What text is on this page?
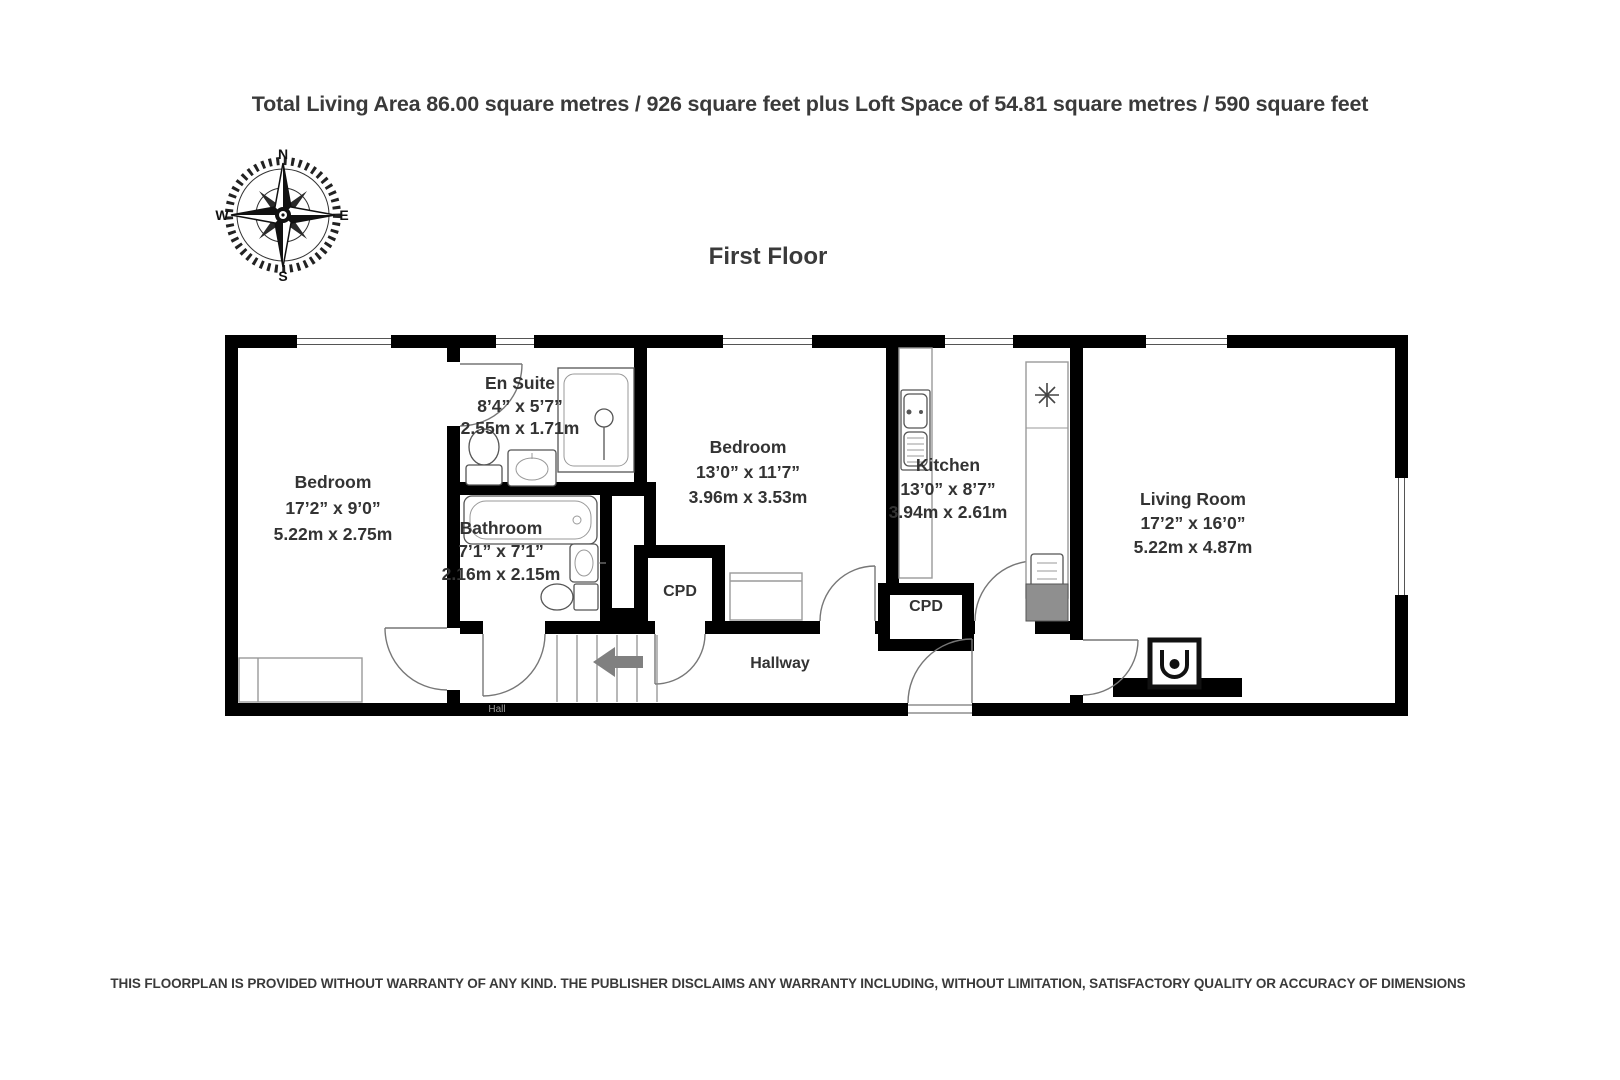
Total Living Area 86.00 square metres / 926 square feet plus Loft Space of 54.81 square metres / 590 square feet
First Floor
THIS FLOORPLAN IS PROVIDED WITHOUT WARRANTY OF ANY KIND. THE PUBLISHER DISCLAIMS ANY WARRANTY INCLUDING, WITHOUT LIMITATION, SATISFACTORY QUALITY OR ACCURACY OF DIMENSIONS
N
E
S
W
Bedroom
17’2” x 9’0”
5.22m x 2.75m
En Suite
8’4” x 5’7”
2.55m x 1.71m
Bathroom
7’1” x 7’1”
2.16m x 2.15m
Bedroom
13’0” x 11’7”
3.96m x 3.53m
Kitchen
13’0” x 8’7”
3.94m x 2.61m
Living Room
17’2” x 16’0”
5.22m x 4.87m
Hallway
CPD
CPD
Hall
